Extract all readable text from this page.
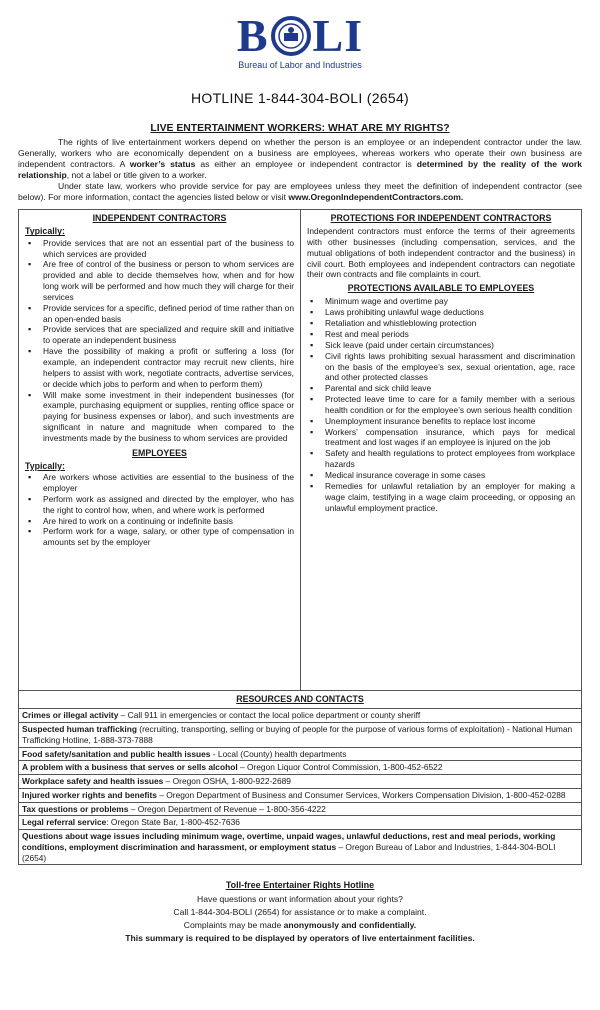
B LI
Bureau of Labor and Industries
HOTLINE 1-844-304-BOLI (2654)
LIVE ENTERTAINMENT WORKERS: WHAT ARE MY RIGHTS?

The rights of live entertainment workers depend on whether the person is an employee or an independent contractor under the law. Generally, workers who are economically dependent on a business are employees, whereas workers who operate their own business are independent contractors. A worker’s status as either an employee or independent contractor is determined by the reality of the work relationship, not a label or title given to a worker.

Under state law, workers who provide service for pay are employees unless they meet the definition of independent contractor (see below). For more information, contact the agencies listed below or visit www.OregonIndependentContractors.com.

INDEPENDENT CONTRACTORS
Typically:
▪ Provide services that are not an essential part of the business to which services are provided
▪ Are free of control of the business or person to whom services are provided and able to decide themselves how, when and for how long work will be performed and how much they will charge for their services
▪ Provide services for a specific, defined period of time rather than on an open-ended basis
▪ Provide services that are specialized and require skill and initiative to operate an independent business
▪ Have the possibility of making a profit or suffering a loss (for example, an independent contractor may recruit new clients, hire helpers to assist with work, negotiate contracts, advertise services, or decide which jobs to perform and when to perform them)
▪ Will make some investment in their independent businesses (for example, purchasing equipment or supplies, renting office space or paying for business expenses or labor), and such investments are significant in nature and magnitude when compared to the investments made by the business to whom services are provided
EMPLOYEES
Typically:
▪ Are workers whose activities are essential to the business of the employer
▪ Perform work as assigned and directed by the employer, who has the right to control how, when, and where work is performed
▪ Are hired to work on a continuing or indefinite basis
▪ Perform work for a wage, salary, or other type of compensation in amounts set by the employer
PROTECTIONS FOR INDEPENDENT CONTRACTORS
Independent contractors must enforce the terms of their agreements with other businesses (including compensation, services, and the mutual obligations of both independent contractor and the business) in civil court. Both employees and independent contractors can negotiate their own contracts and file complaints in court.
PROTECTIONS AVAILABLE TO EMPLOYEES
▪ Minimum wage and overtime pay
▪ Laws prohibiting unlawful wage deductions
▪ Retaliation and whistleblowing protection
▪ Rest and meal periods
▪ Sick leave (paid under certain circumstances)
▪ Civil rights laws prohibiting sexual harassment and discrimination on the basis of the employee’s sex, sexual orientation, age, race and other protected classes
▪ Parental and sick child leave
▪ Protected leave time to care for a family member with a serious health condition or for the employee’s own serious health condition
▪ Unemployment insurance benefits to replace lost income
▪ Workers’ compensation insurance, which pays for medical treatment and lost wages if an employee is injured on the job
▪ Safety and health regulations to protect employees from workplace hazards
▪ Medical insurance coverage in some cases
▪ Remedies for unlawful retaliation by an employer for making a wage claim, testifying in a wage claim proceeding, or opposing an unlawful employment practice.
RESOURCES AND CONTACTS
Crimes or illegal activity – Call 911 in emergencies or contact the local police department or county sheriff
Suspected human trafficking (recruiting, transporting, selling or buying of people for the purpose of various forms of exploitation) - National Human Trafficking Hotline, 1-888-373-7888
Food safety/sanitation and public health issues - Local (County) health departments
A problem with a business that serves or sells alcohol – Oregon Liquor Control Commission, 1-800-452-6522
Workplace safety and health issues – Oregon OSHA, 1-800-922-2689
Injured worker rights and benefits – Oregon Department of Business and Consumer Services, Workers Compensation Division, 1-800-452-0288
Tax questions or problems – Oregon Department of Revenue – 1-800-356-4222
Legal referral service: Oregon State Bar, 1-800-452-7636
Questions about wage issues including minimum wage, overtime, unpaid wages, unlawful deductions, rest and meal periods, working conditions, employment discrimination and harassment, or employment status – Oregon Bureau of Labor and Industries, 1-844-304-BOLI (2654)
Toll-free Entertainer Rights Hotline
Have questions or want information about your rights?
Call 1-844-304-BOLI (2654) for assistance or to make a complaint.
Complaints may be made anonymously and confidentially.
This summary is required to be displayed by operators of live entertainment facilities.
